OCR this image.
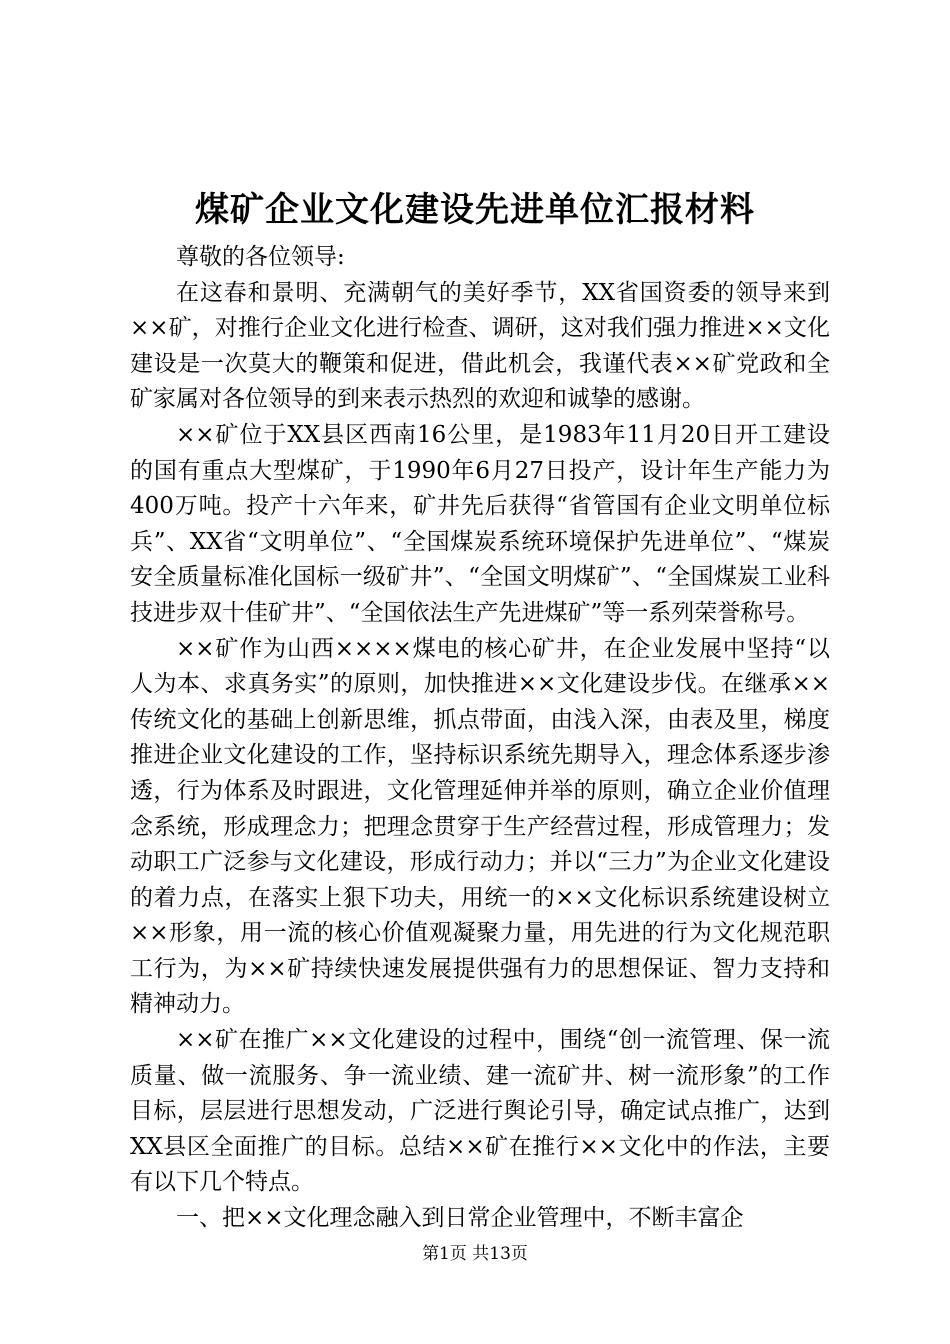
煤矿企业文化建设先进单位汇报材料

尊敬的各位领导:

在这春和景明、充满朝气的美好季节，XX省国资委的领导来到××矿，对推行企业文化进行检查、调研，这对我们强力推进××文化建设是一次莫大的鞭策和促进，借此机会，我谨代表××矿党政和全矿家属对各位领导的到来表示热烈的欢迎和诚挚的感谢。

××矿位于XX县区西南16公里，是1983年11月20日开工建设的国有重点大型煤矿，于1990年6月27日投产，设计年生产能力为400万吨。投产十六年来，矿井先后获得“省管国有企业文明单位标兵”、XX省“文明单位”、“全国煤炭系统环境保护先进单位”、“煤炭安全质量标准化国标一级矿井”、“全国文明煤矿”、“全国煤炭工业科技进步双十佳矿井”、“全国依法生产先进煤矿”等一系列荣誉称号。

××矿作为山西××××煤电的核心矿井，在企业发展中坚持“以人为本、求真务实”的原则，加快推进××文化建设步伐。在继承××传统文化的基础上创新思维，抓点带面，由浅入深，由表及里，梯度推进企业文化建设的工作，坚持标识系统先期导入，理念体系逐步渗透，行为体系及时跟进，文化管理延伸并举的原则，确立企业价值理念系统，形成理念力；把理念贯穿于生产经营过程，形成管理力；发动职工广泛参与文化建设，形成行动力；并以“三力”为企业文化建设的着力点，在落实上狠下功夫，用统一的××文化标识系统建设树立××形象，用一流的核心价值观凝聚力量，用先进的行为文化规范职工行为，为××矿持续快速发展提供强有力的思想保证、智力支持和精神动力。

××矿在推广××文化建设的过程中，围绕“创一流管理、保一流质量、做一流服务、争一流业绩、建一流矿井、树一流形象”的工作目标，层层进行思想发动，广泛进行舆论引导，确定试点推广，达到XX县区全面推广的目标。总结××矿在推行××文化中的作法，主要有以下几个特点。

一、把××文化理念融入到日常企业管理中，不断丰富企

第1页 共13页
